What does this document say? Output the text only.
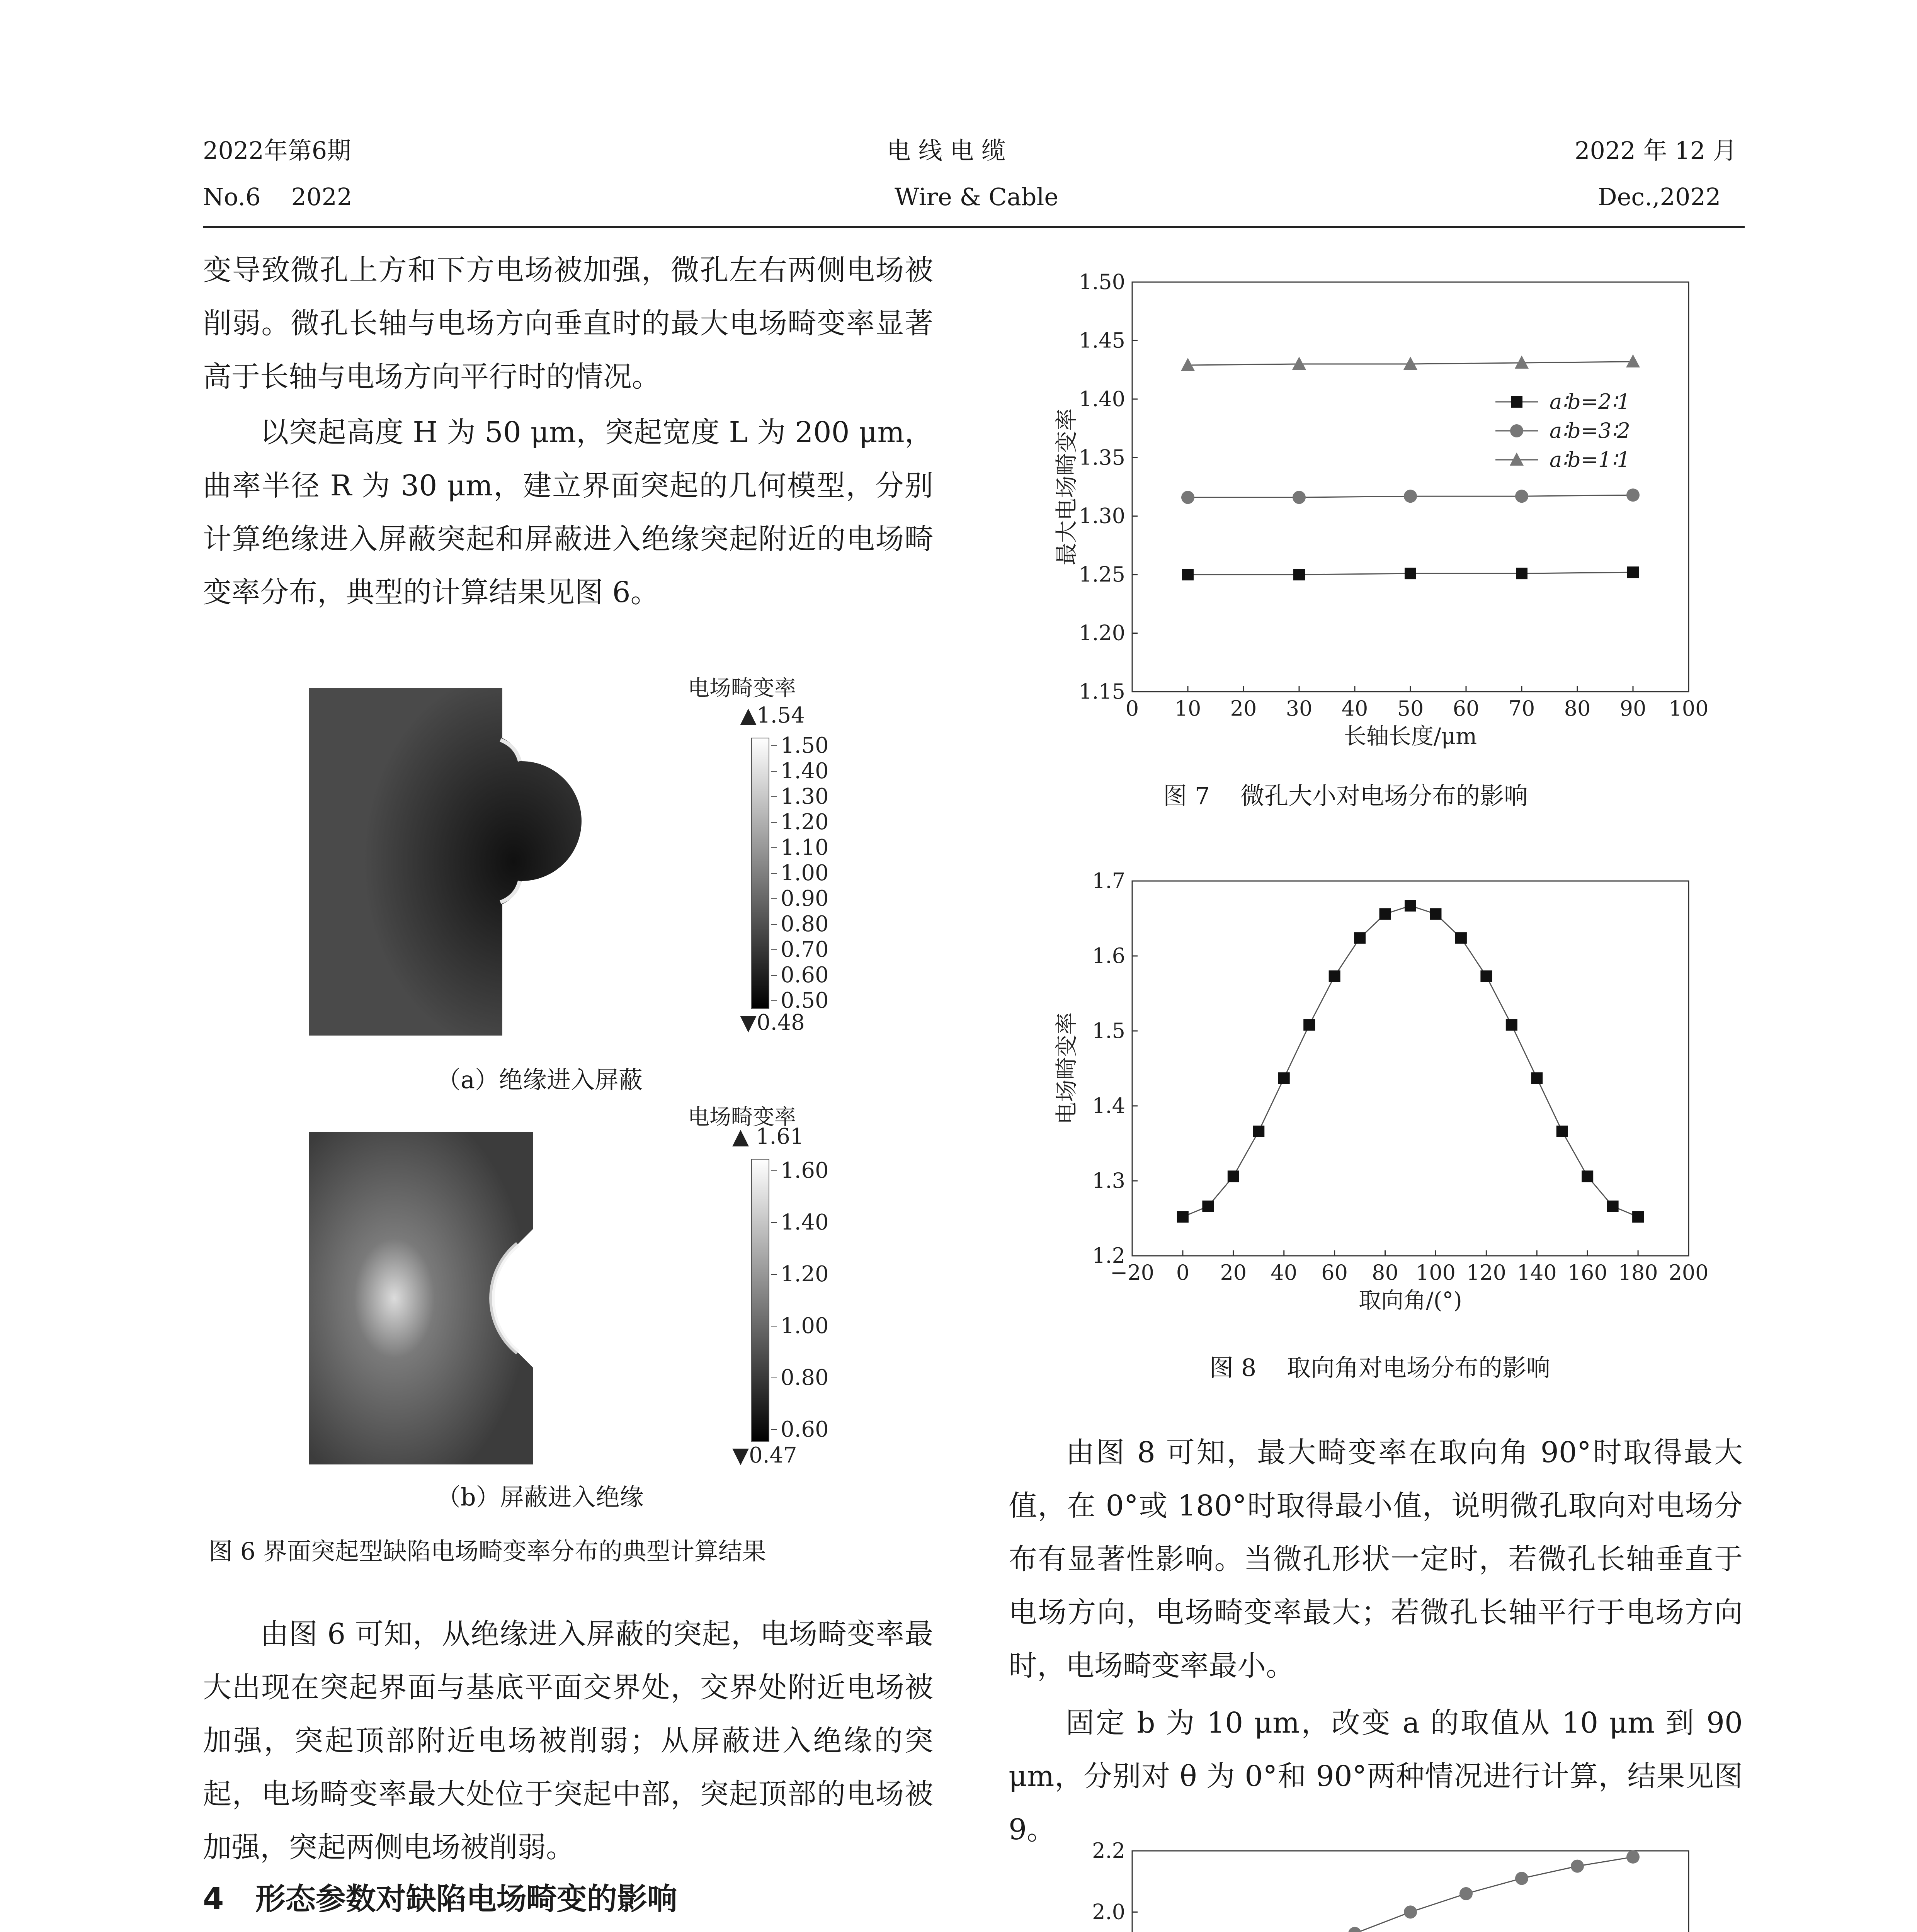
2022年第6期
No.6    2022
电 线 电 缆
Wire & Cable
2022 年 12 月
Dec.,2022
变导致微孔上方和下方电场被加强，微孔左右两侧电场被削弱。微孔长轴与电场方向垂直时的最大电场畸变率显著高于长轴与电场方向平行时的情况。
以突起高度 H 为 50 μm，突起宽度 L 为 200 μm，曲率半径 R 为 30 μm，建立界面突起的几何模型，分别计算绝缘进入屏蔽突起和屏蔽进入绝缘突起附近的电场畸变率分布，典型的计算结果见图 6。
电场畸变率
▲1.54
1.50
1.40
1.30
1.20
1.10
1.00
0.90
0.80
0.70
0.60
0.50
▼0.48
（a）绝缘进入屏蔽
电场畸变率
▲ 1.61
1.60
1.40
1.20
1.00
0.80
0.60
▼0.47
（b）屏蔽进入绝缘
图 6 界面突起型缺陷电场畸变率分布的典型计算结果
由图 6 可知，从绝缘进入屏蔽的突起，电场畸变率最大出现在突起界面与基底平面交界处，交界处附近电场被加强，突起顶部附近电场被削弱；从屏蔽进入绝缘的突起，电场畸变率最大处位于突起中部，突起顶部的电场被加强，突起两侧电场被削弱。
4   形态参数对缺陷电场畸变的影响
0 10 20 30 40 50 60 70 80 90 100
1.15
1.20
1.25
1.30
1.35
1.40
1.45
1.50
长轴长度/μm
最大电场畸变率
a∶b=2∶1
a∶b=3∶2
a∶b=1∶1
图 7    微孔大小对电场分布的影响
−20 0 20 40 60 80 100 120 140 160 180 200
1.2
1.3
1.4
1.5
1.6
1.7
取向角/(°)
电场畸变率
图 8    取向角对电场分布的影响
由图 8 可知，最大畸变率在取向角 90°时取得最大值，在 0°或 180°时取得最小值，说明微孔取向对电场分布有显著性影响。当微孔形状一定时，若微孔长轴垂直于电场方向，电场畸变率最大；若微孔长轴平行于电场方向时，电场畸变率最小。
固定 b 为 10 μm，改变 a 的取值从 10 μm 到 90 μm，分别对 θ 为 0°和 90°两种情况进行计算，结果见图 9。
2.0
2.2
